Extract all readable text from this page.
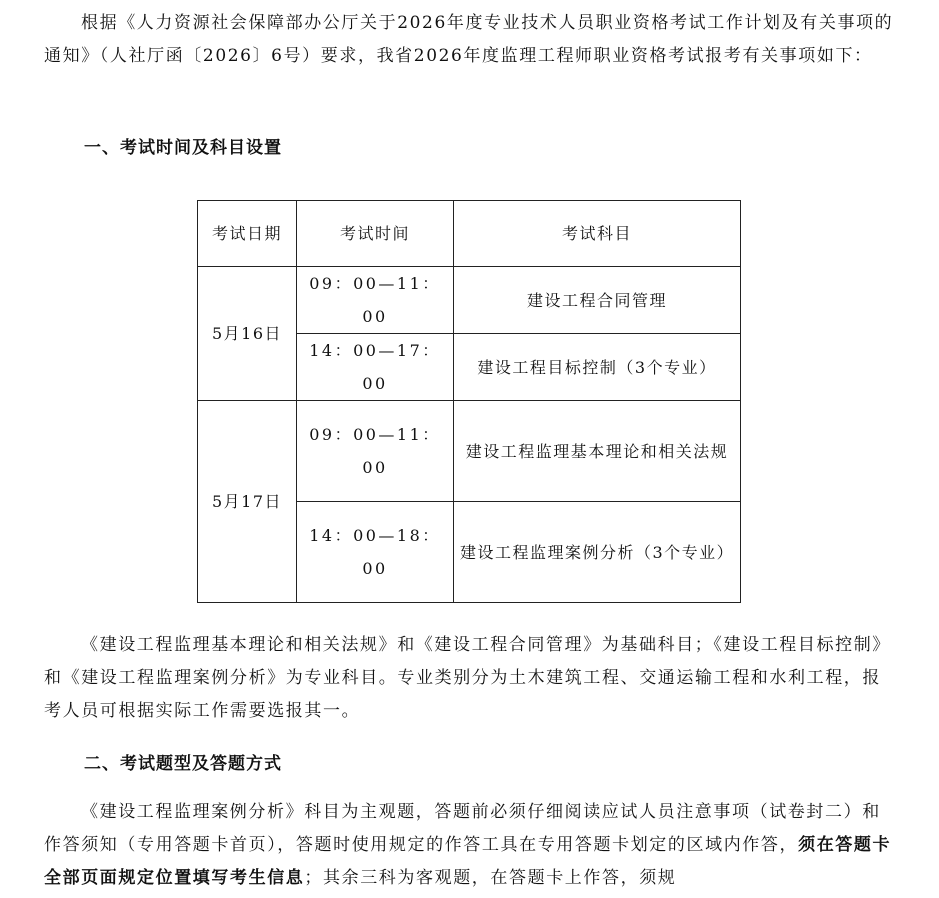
根据《人力资源社会保障部办公厅关于2026年度专业技术人员职业资格考试工作计划及有关事项的通知》（人社厅函〔2026〕6号）要求，我省2026年度监理工程师职业资格考试报考有关事项如下：

一、考试时间及科目设置
考试日期	考试时间	考试科目
5月16日	09：00—11：00	建设工程合同管理
	14：00—17：00	建设工程目标控制（3个专业）
5月17日	09：00—11：00	建设工程监理基本理论和相关法规
	14：00—18：00	建设工程监理案例分析（3个专业）

《建设工程监理基本理论和相关法规》和《建设工程合同管理》为基础科目；《建设工程目标控制》和《建设工程监理案例分析》为专业科目。专业类别分为土木建筑工程、交通运输工程和水利工程，报考人员可根据实际工作需要选报其一。

二、考试题型及答题方式

《建设工程监理案例分析》科目为主观题，答题前必须仔细阅读应试人员注意事项（试卷封二）和作答须知（专用答题卡首页），答题时使用规定的作答工具在专用答题卡划定的区域内作答，须在答题卡全部页面规定位置填写考生信息；其余三科为客观题，在答题卡上作答，须规
